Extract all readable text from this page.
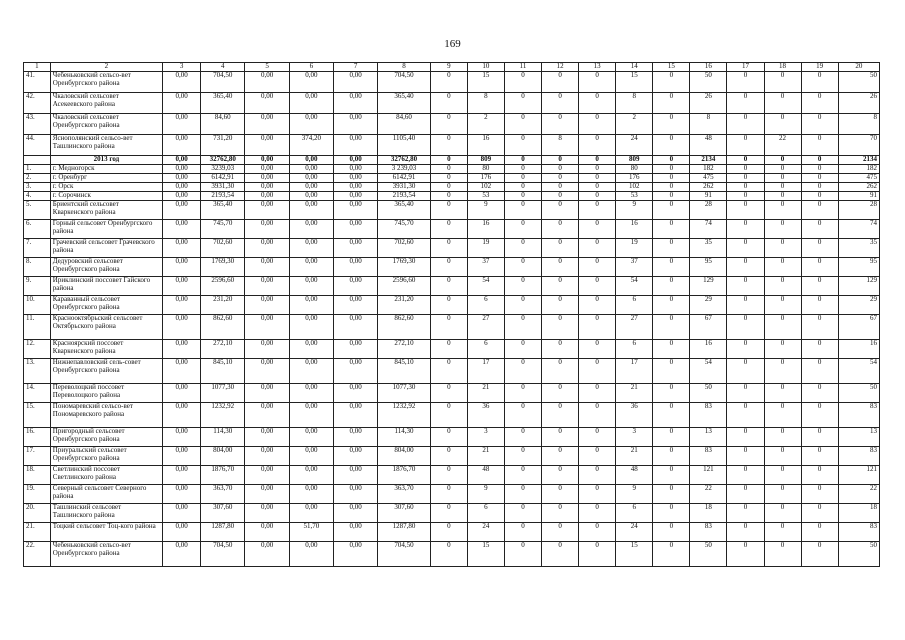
169
1	2	3	4	5	6	7	8	9	10	11	12	13	14	15	16	17	18	19	20
41.	Чебеньковский сельсо-вет Оренбургского района	0,00	704,50	0,00	0,00	0,00	704,50	0	15	0	0	0	15	0	50	0	0	0	50
42.	Чкаловский сельсовет Асекеевского района	0,00	365,40	0,00	0,00	0,00	365,40	0	8	0	0	0	8	0	26	0	0	0	26
43.	Чкаловский сельсовет Оренбургского района	0,00	84,60	0,00	0,00	0,00	84,60	0	2	0	0	0	2	0	8	0	0	0	8
44.	Яснополянский сельсо-вет Ташлинского района	0,00	731,20	0,00	374,20	0,00	1105,40	0	16	0	8	0	24	0	48	0	22	0	70
	2013 год	0,00	32762,80	0,00	0,00	0,00	32762,80	0	809	0	0	0	809	0	2134	0	0	0	2134
1.	г. Медногорск	0,00	3239,03	0,00	0,00	0,00	3 239,03	0	80	0	0	0	80	0	182	0	0	0	182
2.	г. Оренбург	0,00	6142,91	0,00	0,00	0,00	6142,91	0	176	0	0	0	176	0	475	0	0	0	475
3.	г. Орск	0,00	3931,30	0,00	0,00	0,00	3931,30	0	102	0	0	0	102	0	262	0	0	0	262
4.	г. Сорочинск	0,00	2193,54	0,00	0,00	0,00	2193,54	0	53	0	0	0	53	0	91	0	0	0	91
5.	Бриентский сельсовет Кваркенского района	0,00	365,40	0,00	0,00	0,00	365,40	0	9	0	0	0	9	0	28	0	0	0	28
6.	Горный сельсовет Оренбургского района	0,00	745,70	0,00	0,00	0,00	745,70	0	16	0	0	0	16	0	74	0	0	0	74
7.	Грачевский сельсовет Грачевского района	0,00	702,60	0,00	0,00	0,00	702,60	0	19	0	0	0	19	0	35	0	0	0	35
8.	Дедуровский сельсовет Оренбургского района	0,00	1769,30	0,00	0,00	0,00	1769,30	0	37	0	0	0	37	0	95	0	0	0	95
9.	Ириклинский поссовет Гайского района	0,00	2596,60	0,00	0,00	0,00	2596,60	0	54	0	0	0	54	0	129	0	0	0	129
10.	Караванный сельсовет Оренбургского района	0,00	231,20	0,00	0,00	0,00	231,20	0	6	0	0	0	6	0	29	0	0	0	29
11.	Краснооктябрьский сельсовет Октябрьского района	0,00	862,60	0,00	0,00	0,00	862,60	0	27	0	0	0	27	0	67	0	0	0	67
12.	Красноярский поссовет Кваркенского района	0,00	272,10	0,00	0,00	0,00	272,10	0	6	0	0	0	6	0	16	0	0	0	16
13.	Нижнепавловский сель-совет Оренбургского района	0,00	845,10	0,00	0,00	0,00	845,10	0	17	0	0	0	17	0	54	0	0	0	54
14.	Переволоцкий поссовет Переволоцкого района	0,00	1077,30	0,00	0,00	0,00	1077,30	0	21	0	0	0	21	0	50	0	0	0	50
15.	Пономаревский сельсо-вет Пономаревского района	0,00	1232,92	0,00	0,00	0,00	1232,92	0	36	0	0	0	36	0	83	0	0	0	83
16.	Пригородный сельсовет Оренбургского района	0,00	114,30	0,00	0,00	0,00	114,30	0	3	0	0	0	3	0	13	0	0	0	13
17.	Приуральский сельсовет Оренбургского района	0,00	804,00	0,00	0,00	0,00	804,00	0	21	0	0	0	21	0	83	0	0	0	83
18.	Светлинский поссовет Светлинского района	0,00	1876,70	0,00	0,00	0,00	1876,70	0	48	0	0	0	48	0	121	0	0	0	121
19.	Северный сельсовет Северного района	0,00	363,70	0,00	0,00	0,00	363,70	0	9	0	0	0	9	0	22	0	0	0	22
20.	Ташлинский сельсовет Ташлинского района	0,00	307,60	0,00	0,00	0,00	307,60	0	6	0	0	0	6	0	18	0	0	0	18
21.	Тоцкий сельсовет Тоц-кого района	0,00	1287,80	0,00	51,70	0,00	1287,80	0	24	0	0	0	24	0	83	0	0	0	83
22.	Чебеньковский сельсо-вет Оренбургского района	0,00	704,50	0,00	0,00	0,00	704,50	0	15	0	0	0	15	0	50	0	0	0	50
